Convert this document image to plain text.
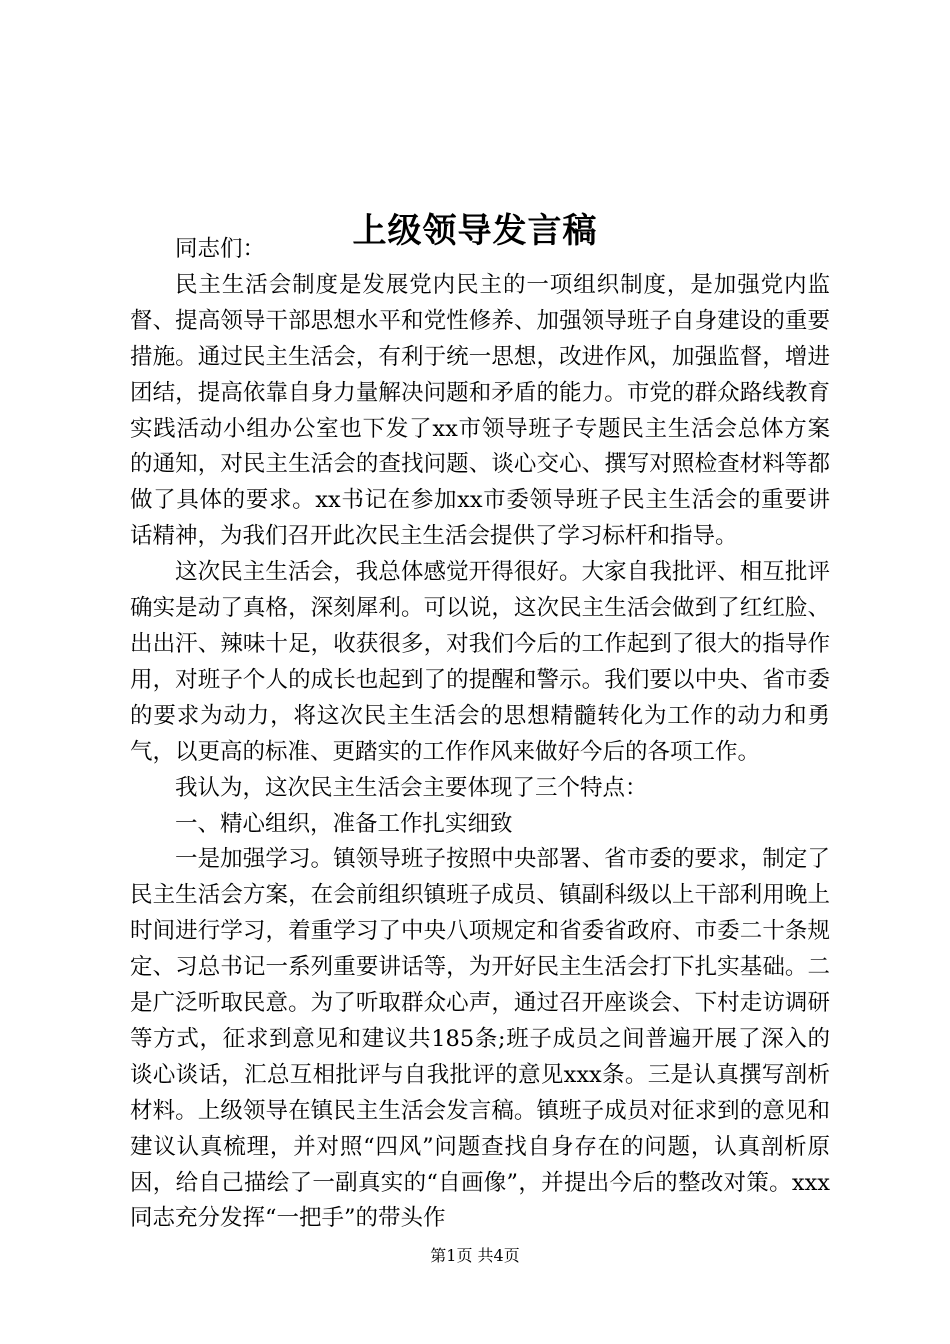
上级领导发言稿

同志们：

民主生活会制度是发展党内民主的一项组织制度，是加强党内监督、提高领导干部思想水平和党性修养、加强领导班子自身建设的重要措施。通过民主生活会，有利于统一思想，改进作风，加强监督，增进团结，提高依靠自身力量解决问题和矛盾的能力。市党的群众路线教育实践活动小组办公室也下发了xx市领导班子专题民主生活会总体方案的通知，对民主生活会的查找问题、谈心交心、撰写对照检查材料等都做了具体的要求。xx书记在参加xx市委领导班子民主生活会的重要讲话精神，为我们召开此次民主生活会提供了学习标杆和指导。

这次民主生活会，我总体感觉开得很好。大家自我批评、相互批评确实是动了真格，深刻犀利。可以说，这次民主生活会做到了红红脸、出出汗、辣味十足，收获很多，对我们今后的工作起到了很大的指导作用，对班子个人的成长也起到了的提醒和警示。我们要以中央、省市委的要求为动力，将这次民主生活会的思想精髓转化为工作的动力和勇气，以更高的标准、更踏实的工作作风来做好今后的各项工作。

我认为，这次民主生活会主要体现了三个特点：

一、精心组织，准备工作扎实细致

一是加强学习。镇领导班子按照中央部署、省市委的要求，制定了民主生活会方案，在会前组织镇班子成员、镇副科级以上干部利用晚上时间进行学习，着重学习了中央八项规定和省委省政府、市委二十条规定、习总书记一系列重要讲话等，为开好民主生活会打下扎实基础。二是广泛听取民意。为了听取群众心声，通过召开座谈会、下村走访调研等方式，征求到意见和建议共185条;班子成员之间普遍开展了深入的谈心谈话，汇总互相批评与自我批评的意见xxx条。三是认真撰写剖析材料。上级领导在镇民主生活会发言稿。镇班子成员对征求到的意见和建议认真梳理，并对照“四风”问题查找自身存在的问题，认真剖析原因，给自己描绘了一副真实的“自画像”，并提出今后的整改对策。xxx同志充分发挥“一把手”的带头作

第1页 共4页
